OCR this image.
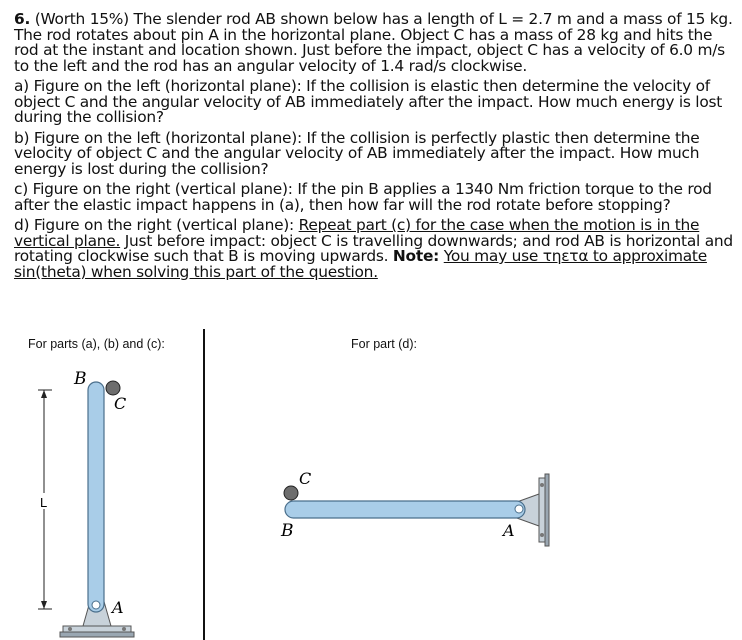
6. (Worth 15%) The slender rod AB shown below has a length of L = 2.7 m and a mass of 15 kg. The rod rotates about pin A in the horizontal plane. Object C has a mass of 28 kg and hits the rod at the instant and location shown. Just before the impact, object C has a velocity of 6.0 m/s to the left and the rod has an angular velocity of 1.4 rad/s clockwise.

a) Figure on the left (horizontal plane): If the collision is elastic then determine the velocity of object C and the angular velocity of AB immediately after the impact. How much energy is lost during the collision?

b) Figure on the left (horizontal plane): If the collision is perfectly plastic then determine the velocity of object C and the angular velocity of AB immediately after the impact. How much energy is lost during the collision?

c) Figure on the right (vertical plane): If the pin B applies a 1340 Nm friction torque to the rod after the elastic impact happens in (a), then how far will the rod rotate before stopping?

d) Figure on the right (vertical plane): Repeat part (c) for the case when the motion is in the vertical plane. Just before impact: object C is travelling downwards; and rod AB is horizontal and rotating clockwise such that B is moving upwards. Note: You may use τηετα to approximate sin(theta) when solving this part of the question.

For parts (a), (b) and (c):	For part (d):
L
B
C
A
C
B	A
